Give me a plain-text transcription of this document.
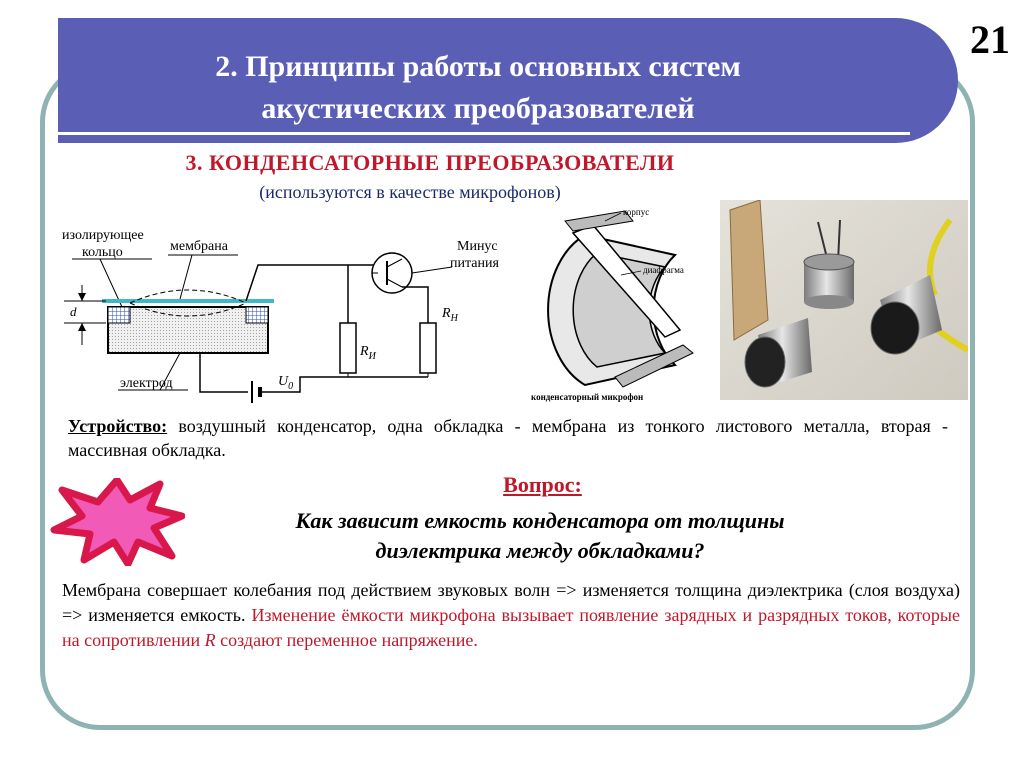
2. Принципы работы основных систем
акустических преобразователей
21
3. КОНДЕНСАТОРНЫЕ ПРЕОБРАЗОВАТЕЛИ
(используются в качестве микрофонов)
изолирующее
кольцо	мембрана	Минус
питания
d
электрод	$U_0$
$R_И$
$R_Н$
корпус
диафрагма
конденсаторный микрофон
Устройство: воздушный конденсатор, одна обкладка - мембрана из тонкого листового металла, вторая - массивная обкладка.
Вопрос:
Как зависит емкость конденсатора от толщины
диэлектрика между обкладками?
Мембрана совершает колебания под действием звуковых волн => изменяется толщина диэлектрика (слоя воздуха) => изменяется емкость. Изменение ёмкости микрофона вызывает появление зарядных и разрядных токов, которые на сопротивлении R создают переменное напряжение.
